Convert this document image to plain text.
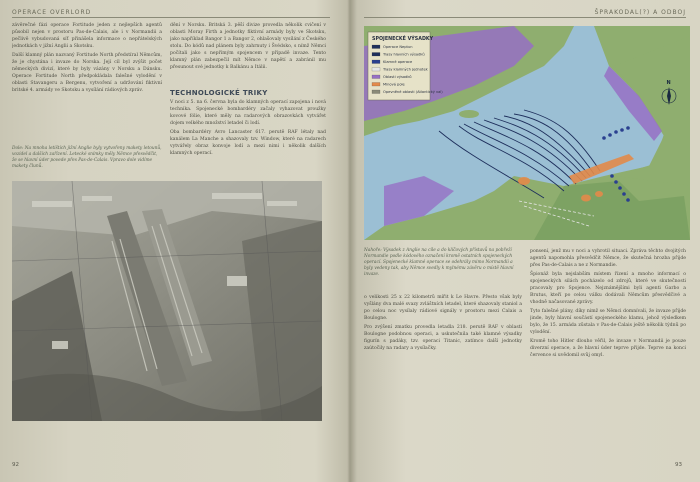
OPERACE OVERLORD

závěrečné fázi operace Fortitude jeden z nejlepších agentů působil nejen v prostoru Pas-de-Calais, ale i v Normandii a pečlivě vybudovaná síť přinášela informace o nepřátelských jednotkách v jižní Anglii a Skotsku.

Další klamný plán nazvaný Fortitude North předstíral Němcům, že je chystána i invaze do Norska. Její cíl byl zvýšit počet německých divizí, které by byly vázány v Norsku a Dánsku. Operace Fortitude North předpokládala falešné vylodění v oblasti Stavangeru a Bergenu, vytvoření a udržování fiktivní britské 4. armády ve Skotsku a vysílání rádiových zpráv.

Dole: Na mnoha letištích jižní Anglie byly vytvořeny makety letounů, vozidel a dalších zařízení. Letecké snímky měly Němce přesvědčit, že se hlavní úder povede přes Pas-de-Calais. Vpravo dole vidíme makety člunů.

dění v Norsku. Britská 3. pěší divize provedla několik cvičení v oblasti Moray Firth a jednotky fiktivní armády byly ve Skotsku, jako například Bangor 1 a Bangor 2, ohlašovaly vysílání z Českého stolu. Do kódů nad plánem byly zahrnuty i Švédsko, s nímž Němci počítali jako s nepřímým spojencem v případě invaze. Tento klamný plán zabezpečil mít Němce v napětí a zabránil mu přesunout své jednotky k Balkánu a Itálii.

TECHNOLOGICKÉ TRIKY

V noci z 5. na 6. června byla do klamných operací zapojena i nová technika. Spojenecké bombardéry začaly vyhazovat proužky kovové fólie, které měly na radarových obrazovkách vytvářet dojem velkého množství letadel či lodí.

Oba bombardéry Avro Lancaster 617. perutě RAF létaly nad kanálem La Manche a shazovaly tzv. Window, které na radarech vytvářely obraz konvoje lodí a mezi nimi i několik dalších klamných operací.

92
ŠPRAKODAL(?) A ODBOJ
SPOJENECKÉ VÝSADKY
Operace Neptun
Trasy hlavních výsadků
Klamné operace
Trasy klamných jednotek
Oblasti výsadků
Minová pole
Opevněné oblasti (Atlantický val)
N
Nahoře: Výsadek z Anglie na cíle a do klíčových přístavů na pobřeží Normandie podle kódového označení kromě ostatních spojeneckých operací. Spojenecké klamné operace se odehrály mimo Normandii a byly vedeny tak, aby Němce svedly k mylnému závěru o místě hlavní invaze.

o velikosti 25 x 22 kilometrů mířit k Le Havre. Přesto však byly vyšlány dva malé svazy zvláštních letadel, které shazovaly staniol a po celou noc vysílaly rádiové signály v prostoru mezi Calais a Boulogne.

Pro zvýšení zmatku provedla letadla 218. perutě RAF v oblasti Boulogne podobnou operaci, a uskutečnila také klamné výsadky figurín s padáky, tzv. operaci Titanic, zatímco další jednotky zaútočily na radary a vysílačky.

ponsení, jenž mu v noci a vyhrotil situaci. Zpráva těchto dvojitých agentů napomohla přesvědčit Němce, že skutečná hrozba přijde přes Pas-de-Calais a ne z Normandie.

Špionáž byla nejslabším místem řízení a mnoho informací o spojeneckých silách pocházelo od zdrojů, které ve skutečnosti pracovaly pro Spojence. Nejznámějšími byli agenti Garbo a Brutus, kteří po celou válku dodávali Němcům přesvědčivé a vhodně načasované zprávy.

Tyto falešné plány, díky nimž se Němci domnívali, že invaze přijde jinde, byly hlavní součástí spojeneckého klamu, jehož výsledkem bylo, že 15. armáda zůstala v Pas-de-Calais ještě několik týdnů po vylodění.

Kromě toho Hitler dlouho věřil, že invaze v Normandii je pouze diverzní operace, a že hlavní úder teprve přijde. Teprve na konci července si uvědomil svůj omyl.

93
